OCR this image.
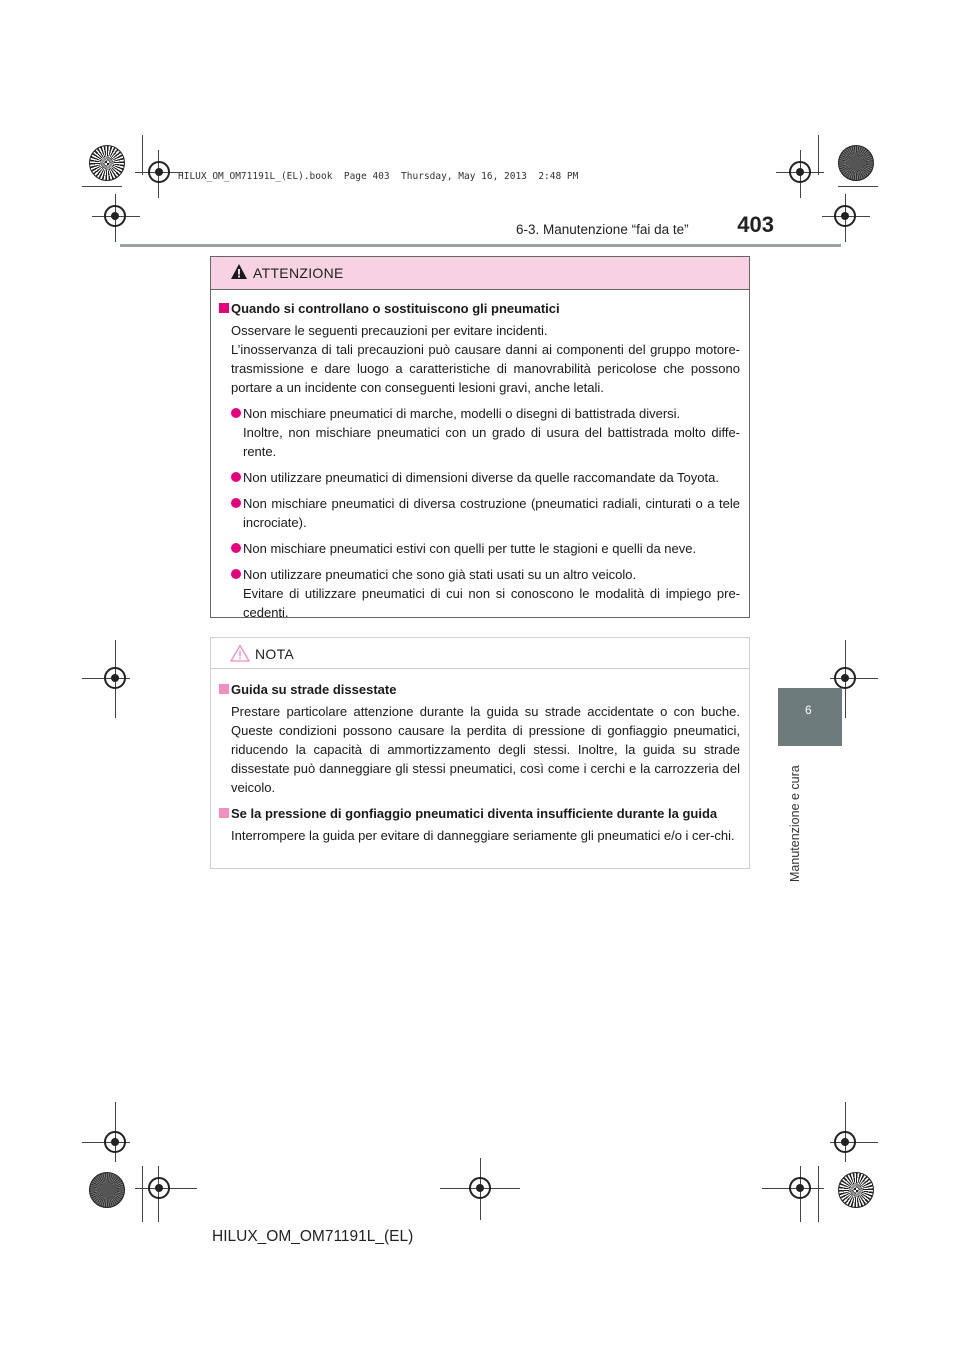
HILUX_OM_OM71191L_(EL).book  Page 403  Thursday, May 16, 2013  2:48 PM
6-3. Manutenzione “fai da te” 403
6
Manutenzione e cura
ATTENZIONE
Quando si controllano o sostituiscono gli pneumatici
Osservare le seguenti precauzioni per evitare incidenti.
L’inosservanza di tali precauzioni può causare danni ai componenti del gruppo motore-trasmissione e dare luogo a caratteristiche di manovrabilità pericolose che possono portare a un incidente con conseguenti lesioni gravi, anche letali.
Non mischiare pneumatici di marche, modelli o disegni di battistrada diversi.
Inoltre, non mischiare pneumatici con un grado di usura del battistrada molto diffe-rente.
Non utilizzare pneumatici di dimensioni diverse da quelle raccomandate da Toyota.
Non mischiare pneumatici di diversa costruzione (pneumatici radiali, cinturati o a tele incrociate).
Non mischiare pneumatici estivi con quelli per tutte le stagioni e quelli da neve.
Non utilizzare pneumatici che sono già stati usati su un altro veicolo.
Evitare di utilizzare pneumatici di cui non si conoscono le modalità di impiego pre-cedenti.
NOTA
Guida su strade dissestate
Prestare particolare attenzione durante la guida su strade accidentate o con buche. Queste condizioni possono causare la perdita di pressione di gonfiaggio pneumatici, riducendo la capacità di ammortizzamento degli stessi. Inoltre, la guida su strade dissestate può danneggiare gli stessi pneumatici, così come i cerchi e la carrozzeria del veicolo.
Se la pressione di gonfiaggio pneumatici diventa insufficiente durante la guida
Interrompere la guida per evitare di danneggiare seriamente gli pneumatici e/o i cer-chi.
HILUX_OM_OM71191L_(EL)
